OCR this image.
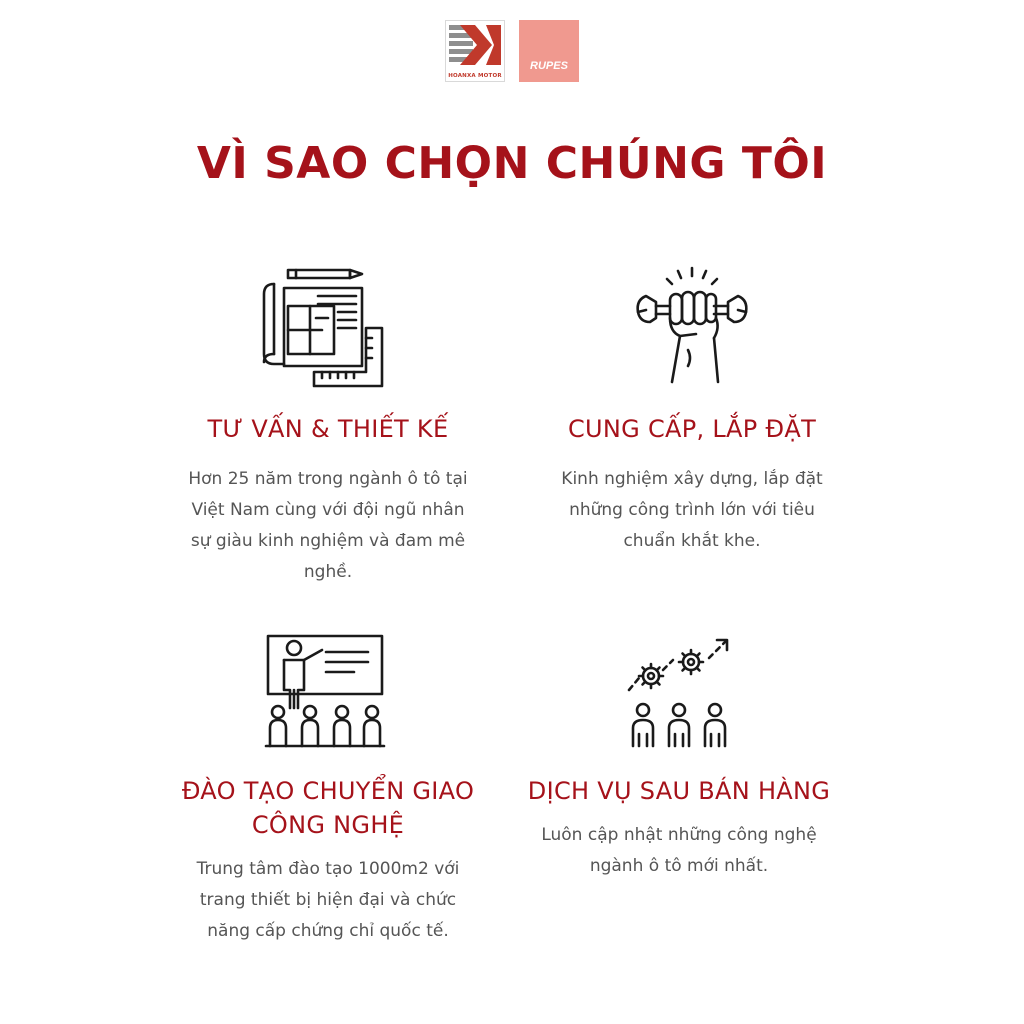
HOANXA MOTOR
RUPES
VÌ SAO CHỌN CHÚNG TÔI
TƯ VẤN & THIẾT KẾ

Hơn 25 năm trong ngành ô tô tại
Việt Nam cùng với đội ngũ nhân
sự giàu kinh nghiệm và đam mê
nghề.

CUNG CẤP, LẮP ĐẶT

Kinh nghiệm xây dựng, lắp đặt
những công trình lớn với tiêu
chuẩn khắt khe.

ĐÀO TẠO CHUYỂN GIAO
CÔNG NGHỆ

Trung tâm đào tạo 1000m2 với
trang thiết bị hiện đại và chức
năng cấp chứng chỉ quốc tế.

DỊCH VỤ SAU BÁN HÀNG

Luôn cập nhật những công nghệ
ngành ô tô mới nhất.
